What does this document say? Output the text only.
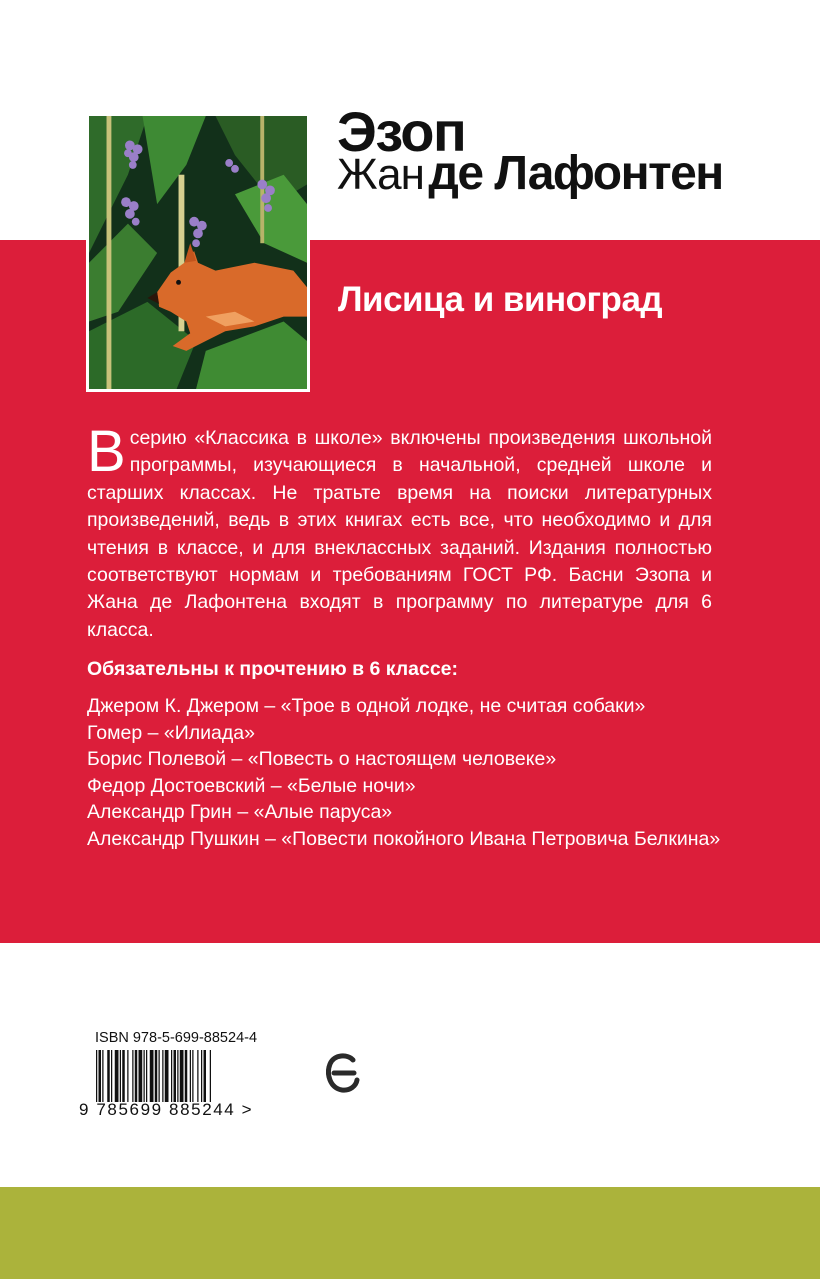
Эзоп
Жан де Лафонтен
Лисица и виноград
В серию «Классика в школе» включены произведения школьной программы, изучающиеся в начальной, средней школе и старших классах. Не тратьте время на поиски литературных произведений, ведь в этих книгах есть все, что необходимо и для чтения в классе, и для внеклассных заданий. Издания полностью соответствуют нормам и требованиям ГОСТ РФ. Басни Эзопа и Жана де Лафонтена входят в программу по литературе для 6 класса.
Обязательны к прочтению в 6 классе:
Джером К. Джером – «Трое в одной лодке, не считая собаки»
Гомер – «Илиада»
Борис Полевой – «Повесть о настоящем человеке»
Федор Достоевский – «Белые ночи»
Александр Грин – «Алые паруса»
Александр Пушкин – «Повести покойного Ивана Петровича Белкина»
ISBN 978-5-699-88524-4
9 785699 885244 >
